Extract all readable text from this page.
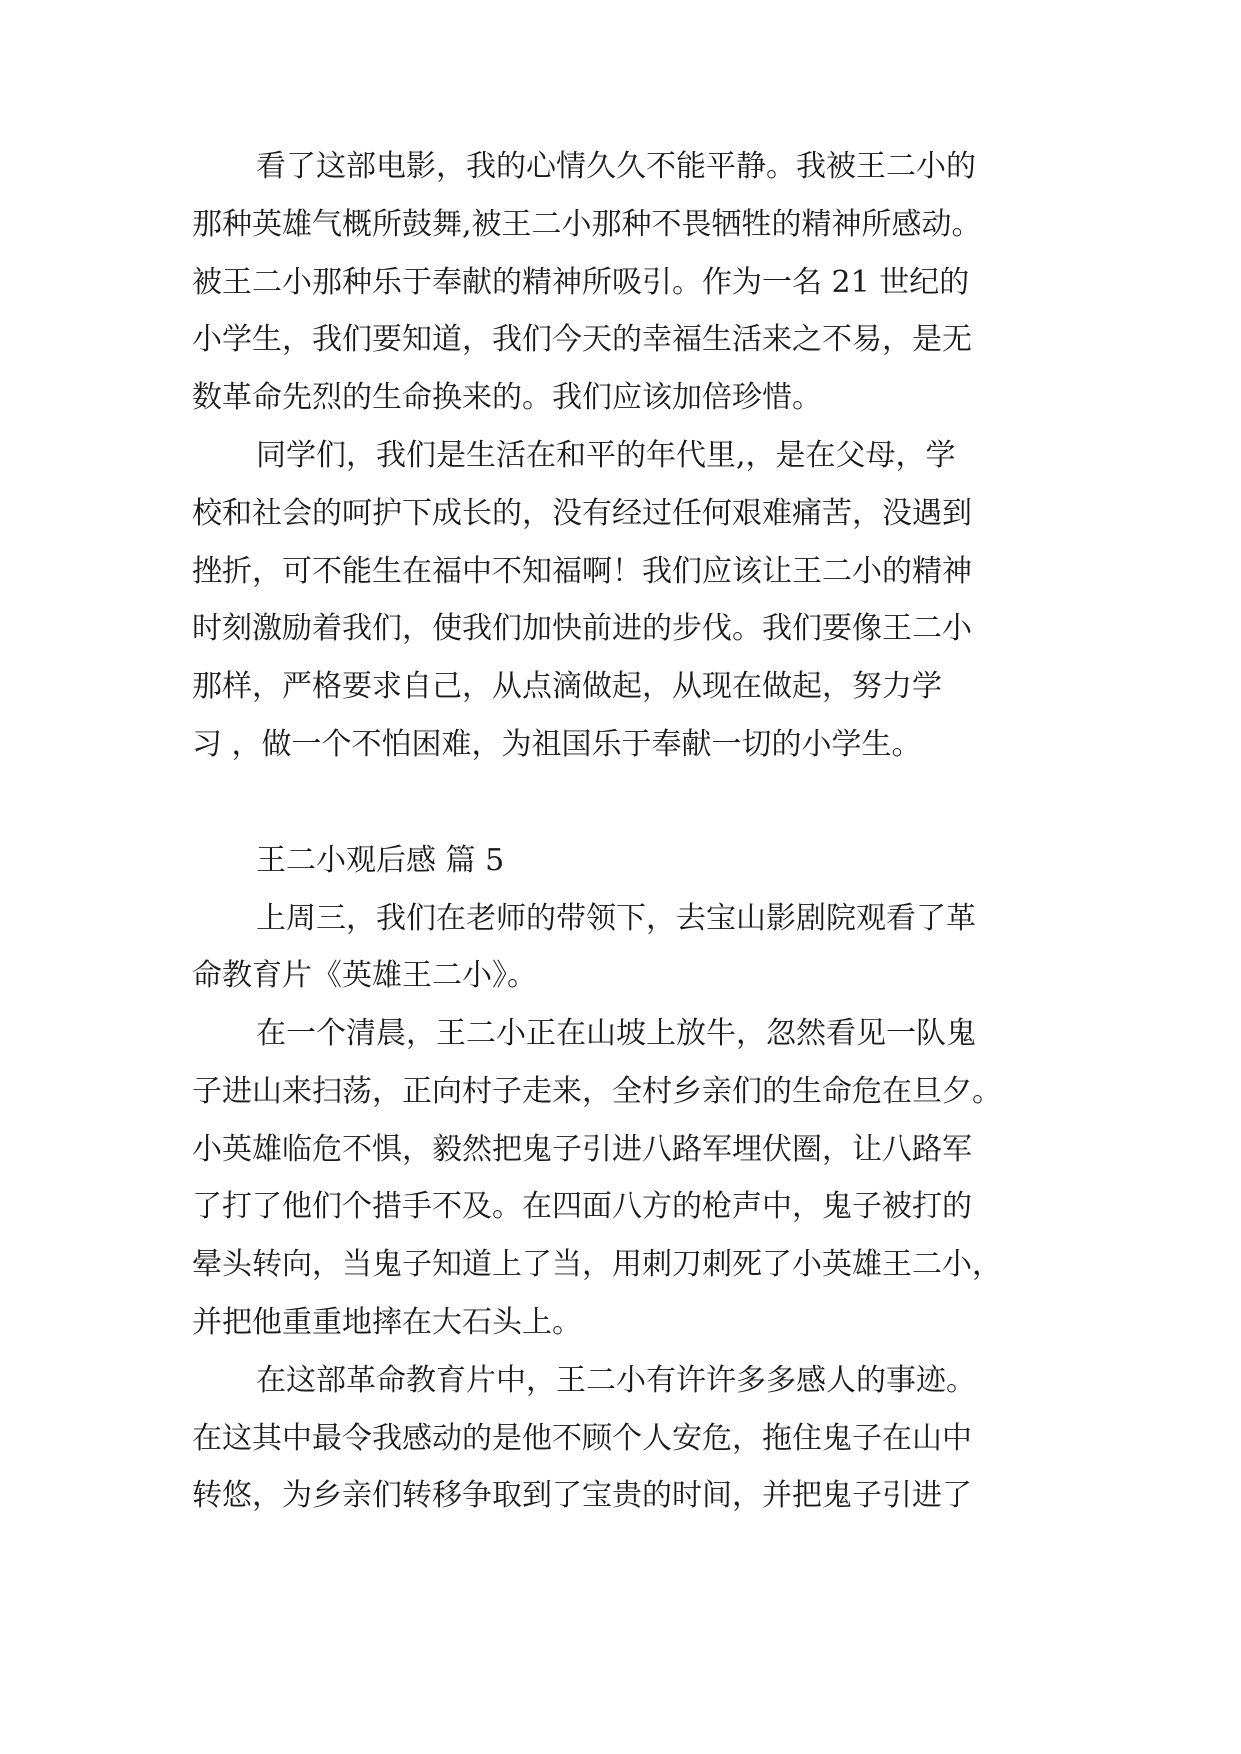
看了这部电影，我的心情久久不能平静。我被王二小的
那种英雄气概所鼓舞,被王二小那种不畏牺牲的精神所感动。
被王二小那种乐于奉献的精神所吸引。作为一名 21 世纪的
小学生，我们要知道，我们今天的幸福生活来之不易，是无
数革命先烈的生命换来的。我们应该加倍珍惜。
同学们，我们是生活在和平的年代里,，是在父母，学
校和社会的呵护下成长的，没有经过任何艰难痛苦，没遇到
挫折，可不能生在福中不知福啊！我们应该让王二小的精神
时刻激励着我们，使我们加快前进的步伐。我们要像王二小
那样，严格要求自己，从点滴做起，从现在做起，努力学
习 ，做一个不怕困难，为祖国乐于奉献一切的小学生。
王二小观后感 篇 5
上周三，我们在老师的带领下，去宝山影剧院观看了革
命教育片《英雄王二小》。
在一个清晨，王二小正在山坡上放牛，忽然看见一队鬼
子进山来扫荡，正向村子走来，全村乡亲们的生命危在旦夕。
小英雄临危不惧，毅然把鬼子引进八路军埋伏圈，让八路军
了打了他们个措手不及。在四面八方的枪声中，鬼子被打的
晕头转向，当鬼子知道上了当，用刺刀刺死了小英雄王二小，
并把他重重地摔在大石头上。
在这部革命教育片中，王二小有许许多多感人的事迹。
在这其中最令我感动的是他不顾个人安危，拖住鬼子在山中
转悠，为乡亲们转移争取到了宝贵的时间，并把鬼子引进了
